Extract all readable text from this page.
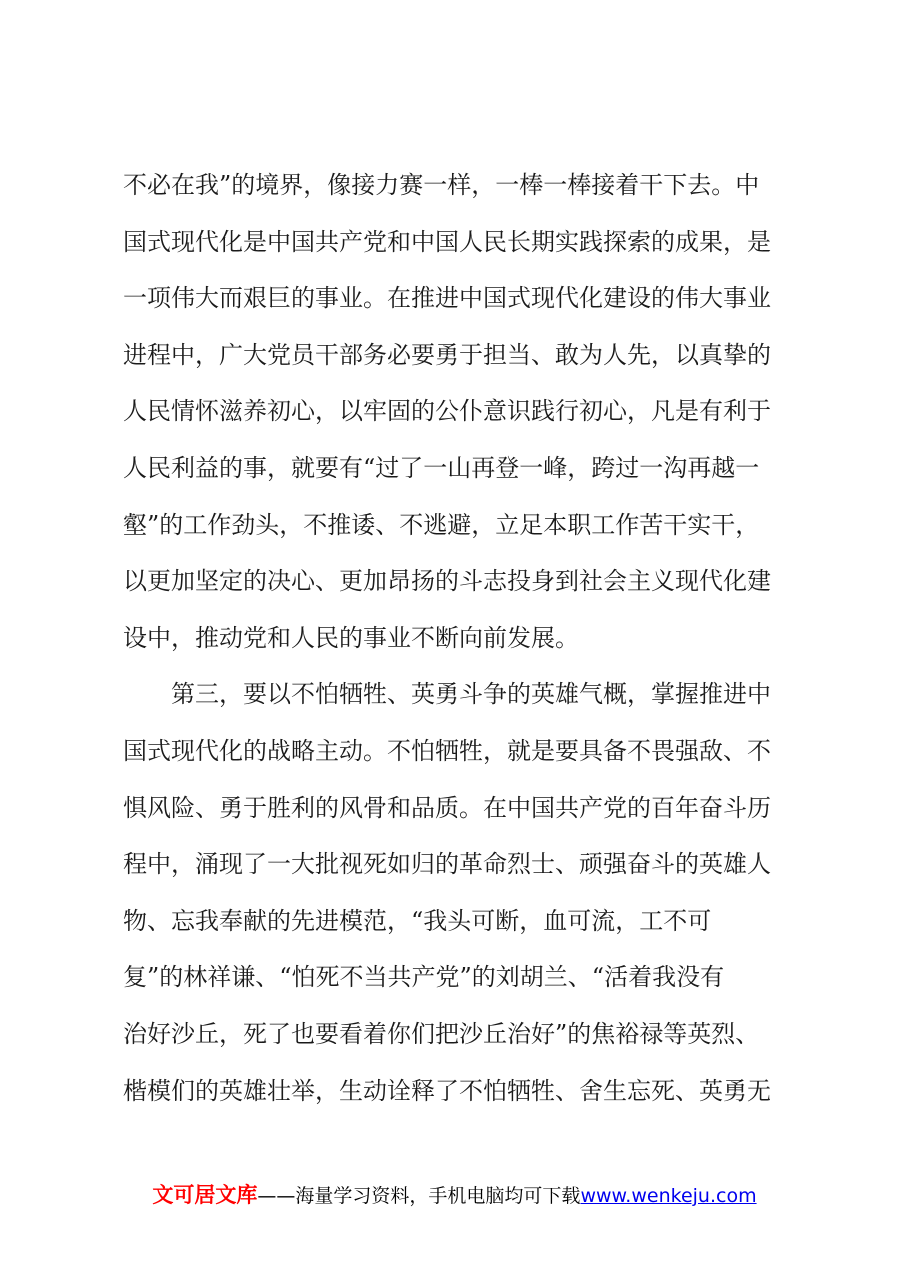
不必在我”的境界，像接力赛一样，一棒一棒接着干下去。中
国式现代化是中国共产党和中国人民长期实践探索的成果，是
一项伟大而艰巨的事业。在推进中国式现代化建设的伟大事业
进程中，广大党员干部务必要勇于担当、敢为人先，以真挚的
人民情怀滋养初心，以牢固的公仆意识践行初心，凡是有利于
人民利益的事，就要有“过了一山再登一峰，跨过一沟再越一
壑”的工作劲头，不推诿、不逃避，立足本职工作苦干实干，
以更加坚定的决心、更加昂扬的斗志投身到社会主义现代化建
设中，推动党和人民的事业不断向前发展。
第三，要以不怕牺牲、英勇斗争的英雄气概，掌握推进中
国式现代化的战略主动。不怕牺牲，就是要具备不畏强敌、不
惧风险、勇于胜利的风骨和品质。在中国共产党的百年奋斗历
程中，涌现了一大批视死如归的革命烈士、顽强奋斗的英雄人
物、忘我奉献的先进模范，“我头可断，血可流，工不可
复”的林祥谦、“怕死不当共产党”的刘胡兰、“活着我没有
治好沙丘，死了也要看着你们把沙丘治好”的焦裕禄等英烈、
楷模们的英雄壮举，生动诠释了不怕牺牲、舍生忘死、英勇无
文可居文库——海量学习资料，手机电脑均可下载www.wenkeju.com
